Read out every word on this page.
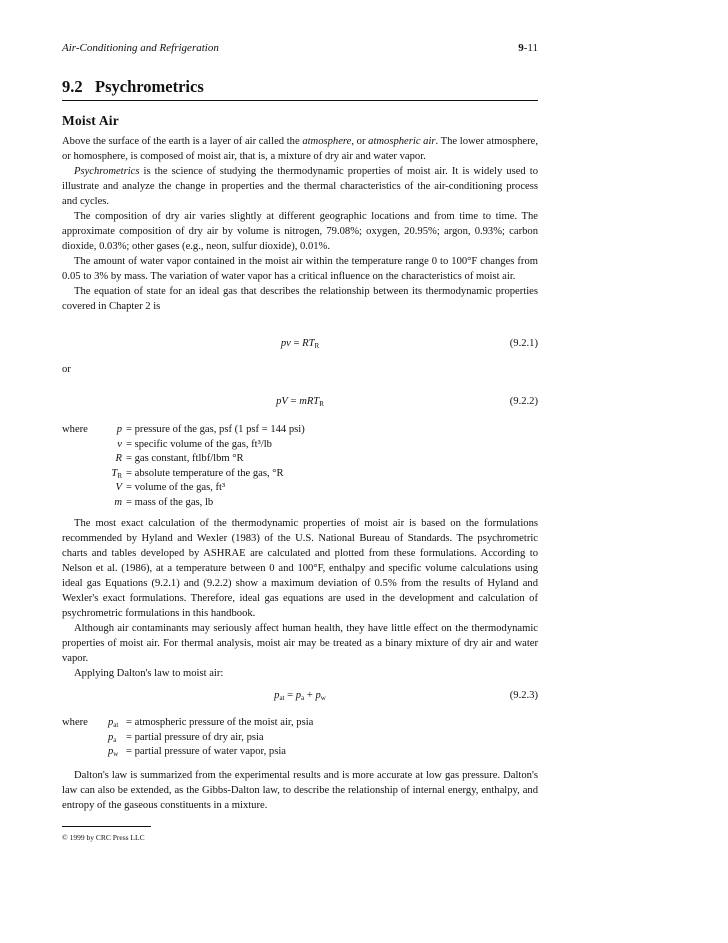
Air-Conditioning and Refrigeration	9-11
9.2   Psychrometrics
Moist Air

Above the surface of the earth is a layer of air called the atmosphere, or atmospheric air. The lower atmosphere, or homosphere, is composed of moist air, that is, a mixture of dry air and water vapor.

Psychrometrics is the science of studying the thermodynamic properties of moist air. It is widely used to illustrate and analyze the change in properties and the thermal characteristics of the air-conditioning process and cycles.

The composition of dry air varies slightly at different geographic locations and from time to time. The approximate composition of dry air by volume is nitrogen, 79.08%; oxygen, 20.95%; argon, 0.93%; carbon dioxide, 0.03%; other gases (e.g., neon, sulfur dioxide), 0.01%.

The amount of water vapor contained in the moist air within the temperature range 0 to 100°F changes from 0.05 to 3% by mass. The variation of water vapor has a critical influence on the characteristics of moist air.

The equation of state for an ideal gas that describes the relationship between its thermodynamic properties covered in Chapter 2 is

pv = $RT_R$	(9.2.1)
or
pV = mRT$_R$	(9.2.2)
where	p = pressure of the gas, psf (1 psf = 144 psi)
v = specific volume of the gas, ft³/lb
R = gas constant, ftlbf/lbm °R
$T_R$ = absolute temperature of the gas, °R
V = volume of the gas, ft³
m = mass of the gas, lb

The most exact calculation of the thermodynamic properties of moist air is based on the formulations recommended by Hyland and Wexler (1983) of the U.S. National Bureau of Standards. The psychrometric charts and tables developed by ASHRAE are calculated and plotted from these formulations. According to Nelson et al. (1986), at a temperature between 0 and 100°F, enthalpy and specific volume calculations using ideal gas Equations (9.2.1) and (9.2.2) show a maximum deviation of 0.5% from the results of Hyland and Wexler's exact formulations. Therefore, ideal gas equations are used in the development and calculation of psychrometric formulations in this handbook.

Although air contaminants may seriously affect human health, they have little effect on the thermodynamic properties of moist air. For thermal analysis, moist air may be treated as a binary mixture of dry air and water vapor.

Applying Dalton's law to moist air:

$p_{at} = p_a + p_w$	(9.2.3)
where $p_{at}$ = atmospheric pressure of the moist air, psia
$p_a$ = partial pressure of dry air, psia
$p_w$ = partial pressure of water vapor, psia

Dalton's law is summarized from the experimental results and is more accurate at low gas pressure. Dalton's law can also be extended, as the Gibbs-Dalton law, to describe the relationship of internal energy, enthalpy, and entropy of the gaseous constituents in a mixture.

© 1999 by CRC Press LLC
